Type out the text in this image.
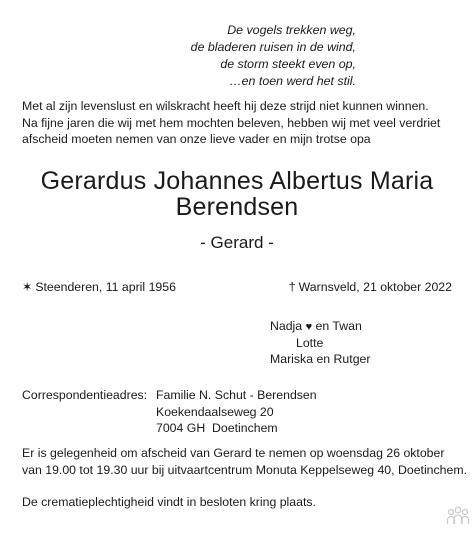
De vogels trekken weg,
de bladeren ruisen in de wind,
de storm steekt even op,
…en toen werd het stil.
Met al zijn levenslust en wilskracht heeft hij deze strijd niet kunnen winnen.
Na fijne jaren die wij met hem mochten beleven, hebben wij met veel verdriet
afscheid moeten nemen van onze lieve vader en mijn trotse opa
Gerardus Johannes Albertus Maria
Berendsen
- Gerard -
✶ Steenderen, 11 april 1956	† Warnsveld, 21 oktober 2022
Nadja ♥ en Twan
Lotte
Mariska en Rutger
Correspondentieadres: Familie N. Schut - Berendsen
Koekendaalseweg 20
7004 GH  Doetinchem
Er is gelegenheid om afscheid van Gerard te nemen op woensdag 26 oktober
van 19.00 tot 19.30 uur bij uitvaartcentrum Monuta Keppelseweg 40, Doetinchem.
De crematieplechtigheid vindt in besloten kring plaats.
